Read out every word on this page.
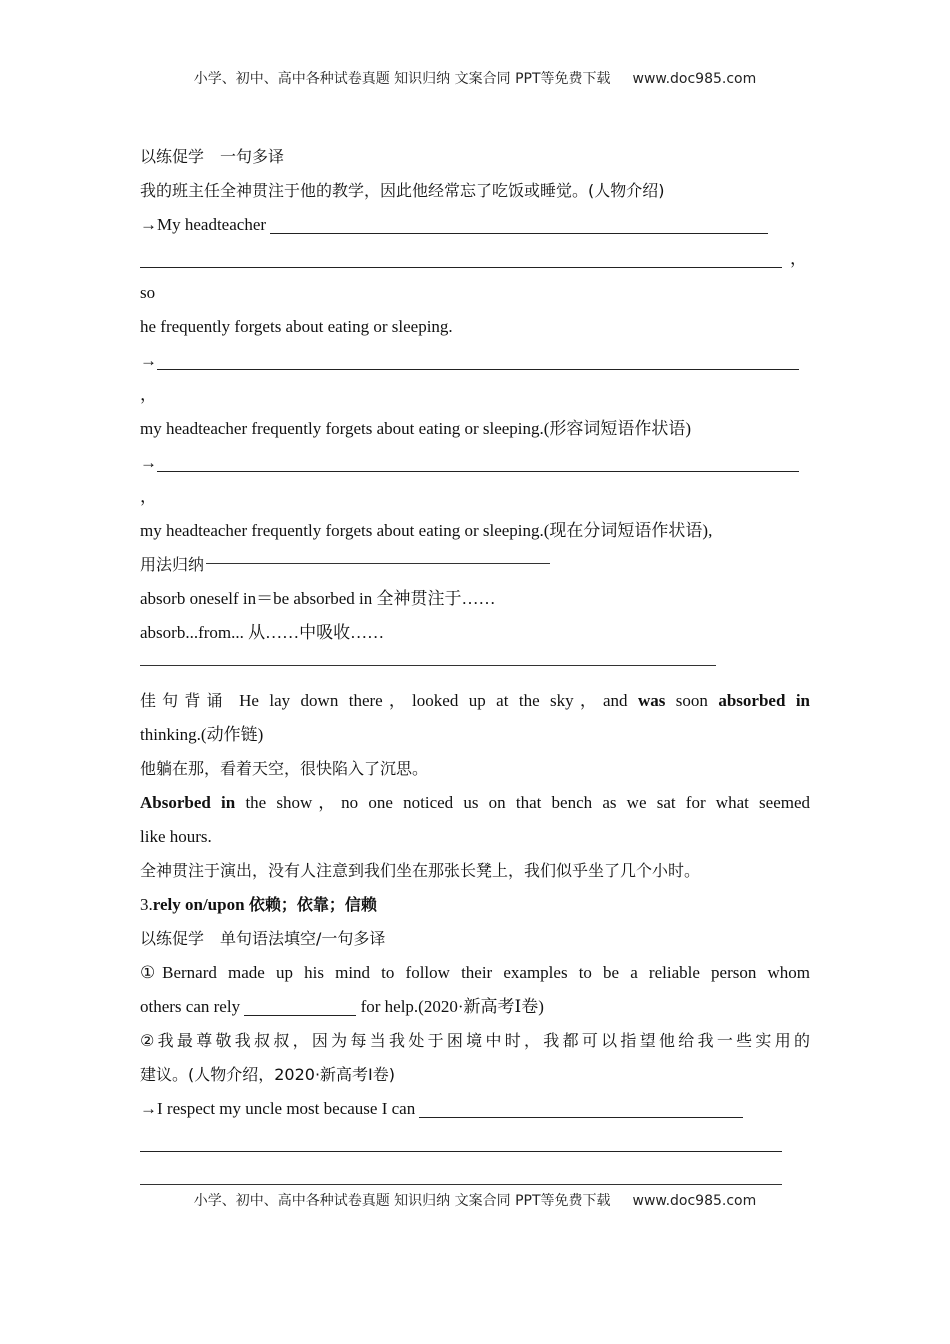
小学、初中、高中各种试卷真题 知识归纳 文案合同 PPT等免费下载 www.doc985.com
以练促学 一句多译
我的班主任全神贯注于他的教学，因此他经常忘了吃饭或睡觉。(人物介绍)
→My headteacher
，
so
he frequently forgets about eating or sleeping.
→
，
my headteacher frequently forgets about eating or sleeping.(形容词短语作状语)
→
，
my headteacher frequently forgets about eating or sleeping.(现在分词短语作状语),
用法归纳
absorb oneself in＝be absorbed in 全神贯注于……
absorb...from... 从……中吸收……
佳句背诵 He lay down there，looked up at the sky，and was soon absorbed in
thinking.(动作链)
他躺在那，看着天空，很快陷入了沉思。
Absorbed in the show，no one noticed us on that bench as we sat for what seemed
like hours.
全神贯注于演出，没有人注意到我们坐在那张长凳上，我们似乎坐了几个小时。
3.rely on/upon 依赖；依靠；信赖
以练促学 单句语法填空/一句多译
①Bernard made up his mind to follow their examples to be a reliable person whom
others can rely	for help.(2020·新高考Ⅰ卷)
②我最尊敬我叔叔，因为每当我处于困境中时，我都可以指望他给我一些实用的
建议。(人物介绍，2020·新高考Ⅰ卷)
→I respect my uncle most because I can
小学、初中、高中各种试卷真题 知识归纳 文案合同 PPT等免费下载 www.doc985.com
